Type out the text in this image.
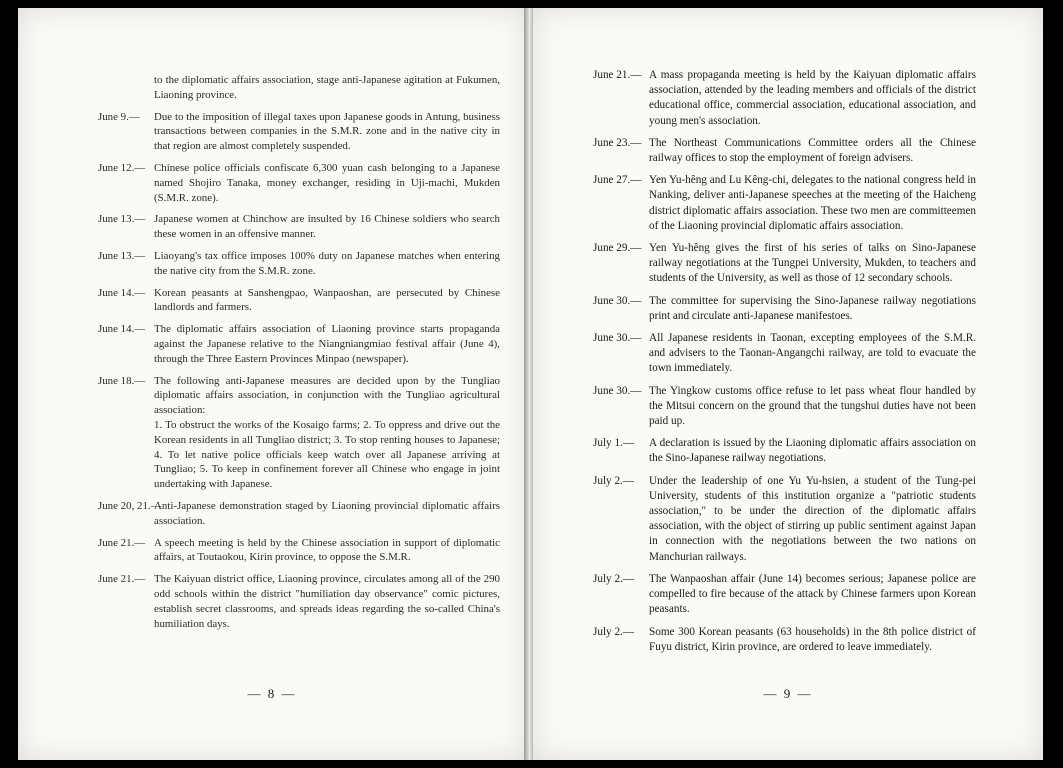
to the diplomatic affairs association, stage anti-Japanese agitation at Fukumen, Liaoning province.
June 9.— Due to the imposition of illegal taxes upon Japanese goods in Antung, business transactions between companies in the S.M.R. zone and in the native city in that region are almost completely suspended.
June 12.— Chinese police officials confiscate 6,300 yuan cash belonging to a Japanese named Shojiro Tanaka, money exchanger, residing in Uji-machi, Mukden (S.M.R. zone).
June 13.— Japanese women at Chinchow are insulted by 16 Chinese soldiers who search these women in an offensive manner.
June 13.— Liaoyang's tax office imposes 100% duty on Japanese matches when entering the native city from the S.M.R. zone.
June 14.— Korean peasants at Sanshengpao, Wanpaoshan, are persecuted by Chinese landlords and farmers.
June 14.— The diplomatic affairs association of Liaoning province starts propaganda against the Japanese relative to the Niangniangmiao festival affair (June 4), through the Three Eastern Provinces Minpao (newspaper).
June 18.— The following anti-Japanese measures are decided upon by the Tungliao diplomatic affairs association, in conjunction with the Tungliao agricultural association:
1. To obstruct the works of the Kosaigo farms; 2. To oppress and drive out the Korean residents in all Tungliao district; 3. To stop renting houses to Japanese; 4. To let native police officials keep watch over all Japanese arriving at Tungliao; 5. To keep in confinement forever all Chinese who engage in joint undertaking with Japanese.
June 20, 21.—
Anti-Japanese demonstration staged by Liaoning provincial diplomatic affairs association.
June 21.— A speech meeting is held by the Chinese association in support of diplomatic affairs, at Toutaokou, Kirin province, to oppose the S.M.R.
June 21.— The Kaiyuan district office, Liaoning province, circulates among all of the 290 odd schools within the district "humiliation day observance" comic pictures, establish secret classrooms, and spreads ideas regarding the so-called China's humiliation days.
— 8 —
June 21.— A mass propaganda meeting is held by the Kaiyuan diplomatic affairs association, attended by the leading members and officials of the district educational office, commercial association, educational association, and young men's association.
June 23.— The Northeast Communications Committee orders all the Chinese railway offices to stop the employment of foreign advisers.
June 27.— Yen Yu-hêng and Lu Kêng-chi, delegates to the national congress held in Nanking, deliver anti-Japanese speeches at the meeting of the Haicheng district diplomatic affairs association. These two men are committeemen of the Liaoning provincial diplomatic affairs association.
June 29.— Yen Yu-hêng gives the first of his series of talks on Sino-Japanese railway negotiations at the Tungpei University, Mukden, to teachers and students of the University, as well as those of 12 secondary schools.
June 30.— The committee for supervising the Sino-Japanese railway negotiations print and circulate anti-Japanese manifestoes.
June 30.— All Japanese residents in Taonan, excepting employees of the S.M.R. and advisers to the Taonan-Angangchi railway, are told to evacuate the town immediately.
June 30.— The Yingkow customs office refuse to let pass wheat flour handled by the Mitsui concern on the ground that the tungshui duties have not been paid up.
July 1.— A declaration is issued by the Liaoning diplomatic affairs association on the Sino-Japanese railway negotiations.
July 2.— Under the leadership of one Yu Yu-hsien, a student of the Tung-pei University, students of this institution organize a "patriotic students association," to be under the direction of the diplomatic affairs association, with the object of stirring up public sentiment against Japan in connection with the negotiations between the two nations on Manchurian railways.
July 2.— The Wanpaoshan affair (June 14) becomes serious; Japanese police are compelled to fire because of the attack by Chinese farmers upon Korean peasants.
July 2.— Some 300 Korean peasants (63 households) in the 8th police district of Fuyu district, Kirin province, are ordered to leave immediately.
— 9 —
